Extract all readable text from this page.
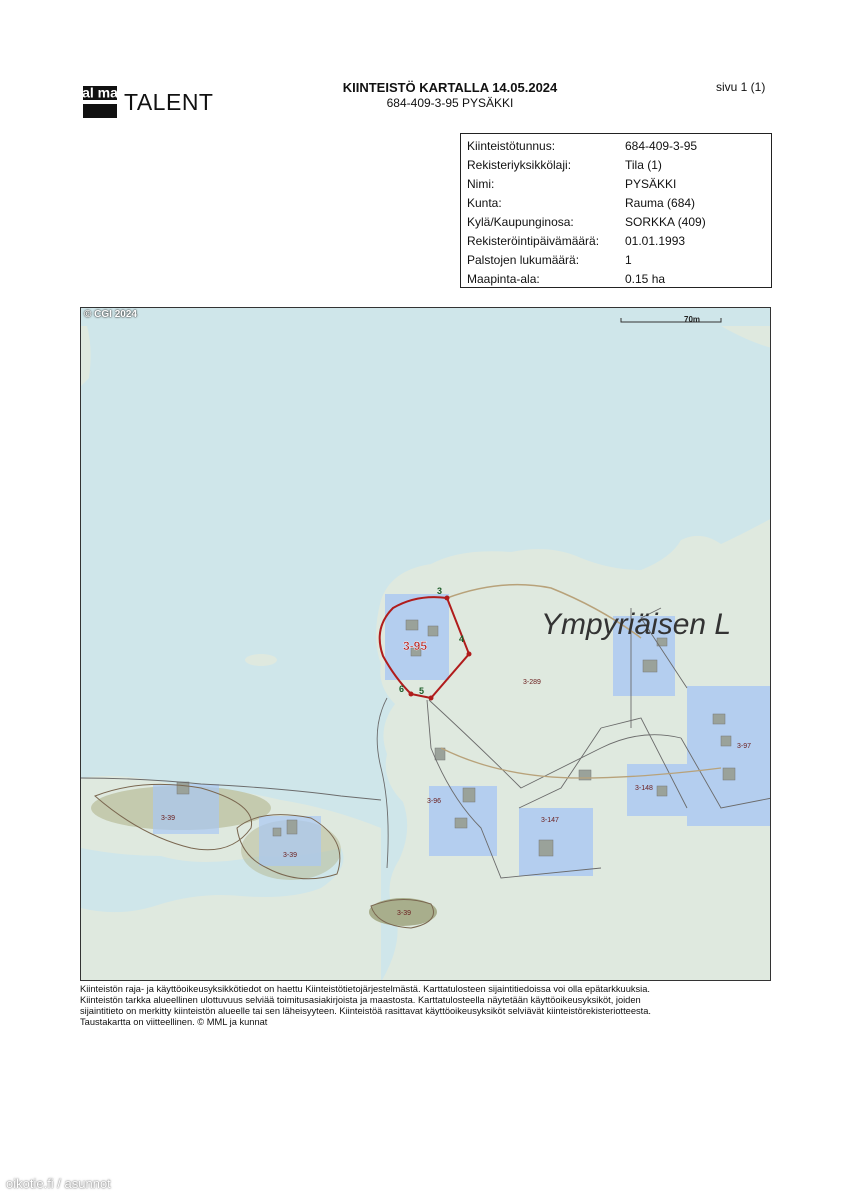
al ma TALENT
KIINTEISTÖ KARTALLA 14.05.2024
684-409-3-95 PYSÄKKI
sivu 1 (1)
Kiinteistötunnus:	684-409-3-95
Rekisteriyksikkölaji:	Tila (1)
Nimi:	PYSÄKKI
Kunta:	Rauma (684)
Kylä/Kaupunginosa:	SORKKA (409)
Rekisteröintipäivämäärä:	01.01.1993
Palstojen lukumäärä:	1
Maapinta-ala:	0.15 ha
Ympyriäisen L
3-95
3-289
3-97
3-148
3-96
3-147
3-39
3-39
3-39
3
4
5
6
© CGI 2024	70m

Kiinteistön raja- ja käyttöoikeusyksikkötiedot on haettu Kiinteistötietojärjestelmästä. Karttatulosteen sijaintitiedoissa voi olla epätarkkuuksia.

Kiinteistön tarkka alueellinen ulottuvuus selviää toimitusasiakirjoista ja maastosta. Karttatulosteella näytetään käyttöoikeusyksiköt, joiden

sijaintitieto on merkitty kiinteistön alueelle tai sen läheisyyteen. Kiinteistöä rasittavat käyttöoikeusyksiköt selviävät kiinteistörekisteriotteesta.

Taustakartta on viitteellinen. © MML ja kunnat

oikotie.fi / asunnot
